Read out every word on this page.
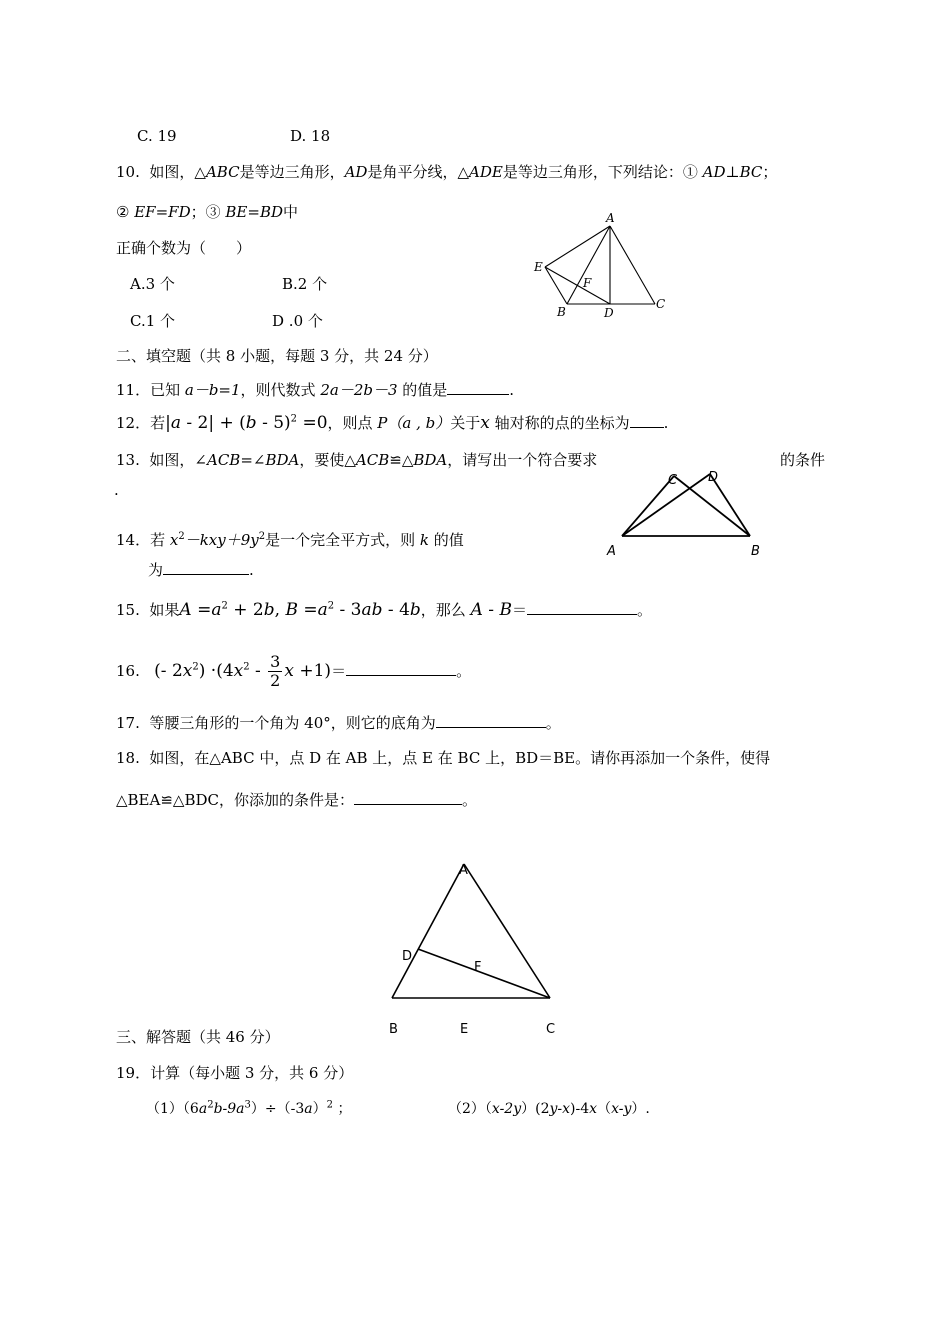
C. 19	D. 18
10. 如图，△ABC是等边三角形，AD是角平分线，△ADE是等边三角形，下列结论：① AD⊥BC；
② EF=FD；③ BE=BD中
正确个数为（　　）
A.3 个	B.2 个
C.1 个	D .0 个
A
E
F
B	D
C
二、填空题（共 8 小题，每题 3 分，共 24 分）
11．已知 a－b=1，则代数式 2a－2b－3 的值是	.
12．若|a - 2| + (b - 5)$^2$ =0，则点 P（a , b）关于x 轴对称的点的坐标为 .
13. 如图，∠ACB=∠BDA，要使△ACB≌△BDA，请写出一个符合要求	的条件
.
C D
A	B
14．若 $x^2-kxy+9y^2$是一个完全平方式，则 k 的值
为	.
15. 如果$A =a^2 + 2b$, $B =a^2 - 3ab - 4b$，那么 A - B＝	。
16. (- $2x^2) \cdot(4x^2 - \frac{3}{2}$ x +1)＝	。
17. 等腰三角形的一个角为 40°，则它的底角为	。
18. 如图，在△ABC 中，点 D 在 AB 上，点 E 在 BC 上，BD＝BE。请你再添加一个条件，使得
△BEA≌△BDC，你添加的条件是：	。
A
D
F
B	E	C
三、解答题（共 46 分）
19．计算（每小题 3 分，共 6 分）
$(1)(6a^2b-9a^3)\div(-3a)^2$ ；	（2）（x-2y）(2y-x)-4x（x-y）.
